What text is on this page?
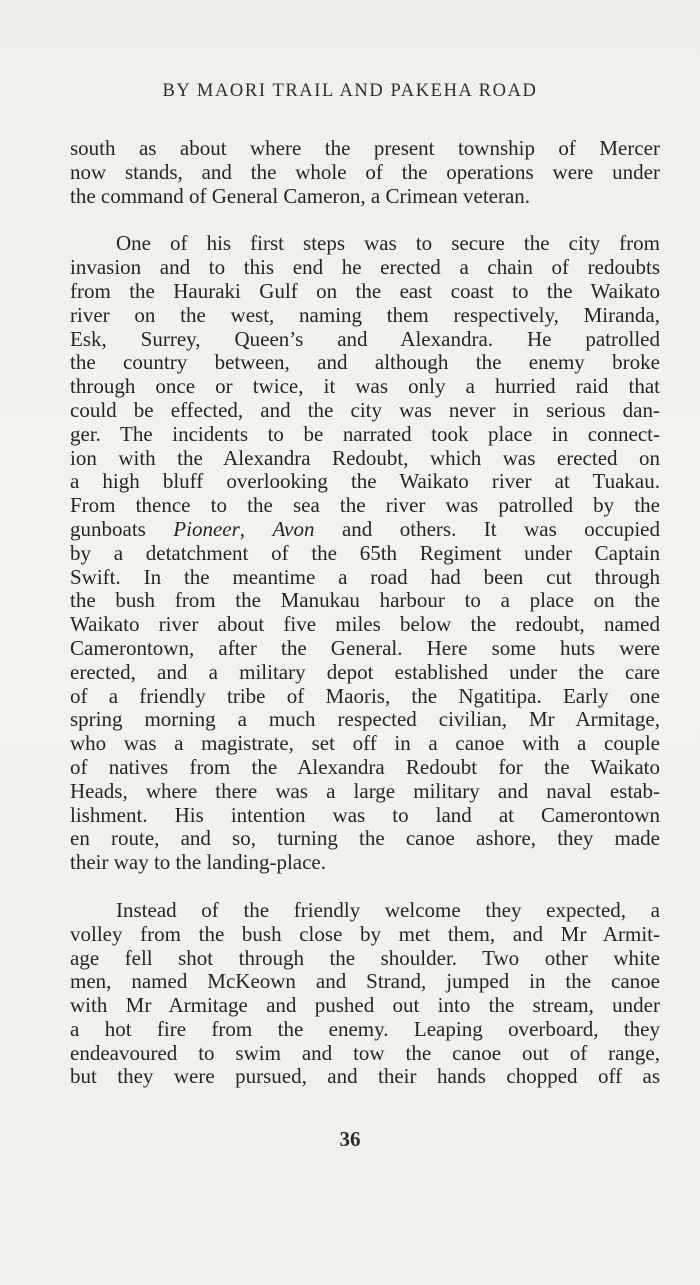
BY MAORI TRAIL AND PAKEHA ROAD
south as about where the present township of Mercer
now stands, and the whole of the operations were under
the command of General Cameron, a Crimean veteran.
One of his first steps was to secure the city from
invasion and to this end he erected a chain of redoubts
from the Hauraki Gulf on the east coast to the Waikato
river on the west, naming them respectively, Miranda,
Esk, Surrey, Queen’s and Alexandra. He patrolled
the country between, and although the enemy broke
through once or twice, it was only a hurried raid that
could be effected, and the city was never in serious dan-
ger. The incidents to be narrated took place in connect-
ion with the Alexandra Redoubt, which was erected on
a high bluff overlooking the Waikato river at Tuakau.
From thence to the sea the river was patrolled by the
gunboats Pioneer, Avon and others. It was occupied
by a detatchment of the 65th Regiment under Captain
Swift. In the meantime a road had been cut through
the bush from the Manukau harbour to a place on the
Waikato river about five miles below the redoubt, named
Camerontown, after the General. Here some huts were
erected, and a military depot established under the care
of a friendly tribe of Maoris, the Ngatitipa. Early one
spring morning a much respected civilian, Mr Armitage,
who was a magistrate, set off in a canoe with a couple
of natives from the Alexandra Redoubt for the Waikato
Heads, where there was a large military and naval estab-
lishment. His intention was to land at Camerontown
en route, and so, turning the canoe ashore, they made
their way to the landing-place.
Instead of the friendly welcome they expected, a
volley from the bush close by met them, and Mr Armit-
age fell shot through the shoulder. Two other white
men, named McKeown and Strand, jumped in the canoe
with Mr Armitage and pushed out into the stream, under
a hot fire from the enemy. Leaping overboard, they
endeavoured to swim and tow the canoe out of range,
but they were pursued, and their hands chopped off as
36
